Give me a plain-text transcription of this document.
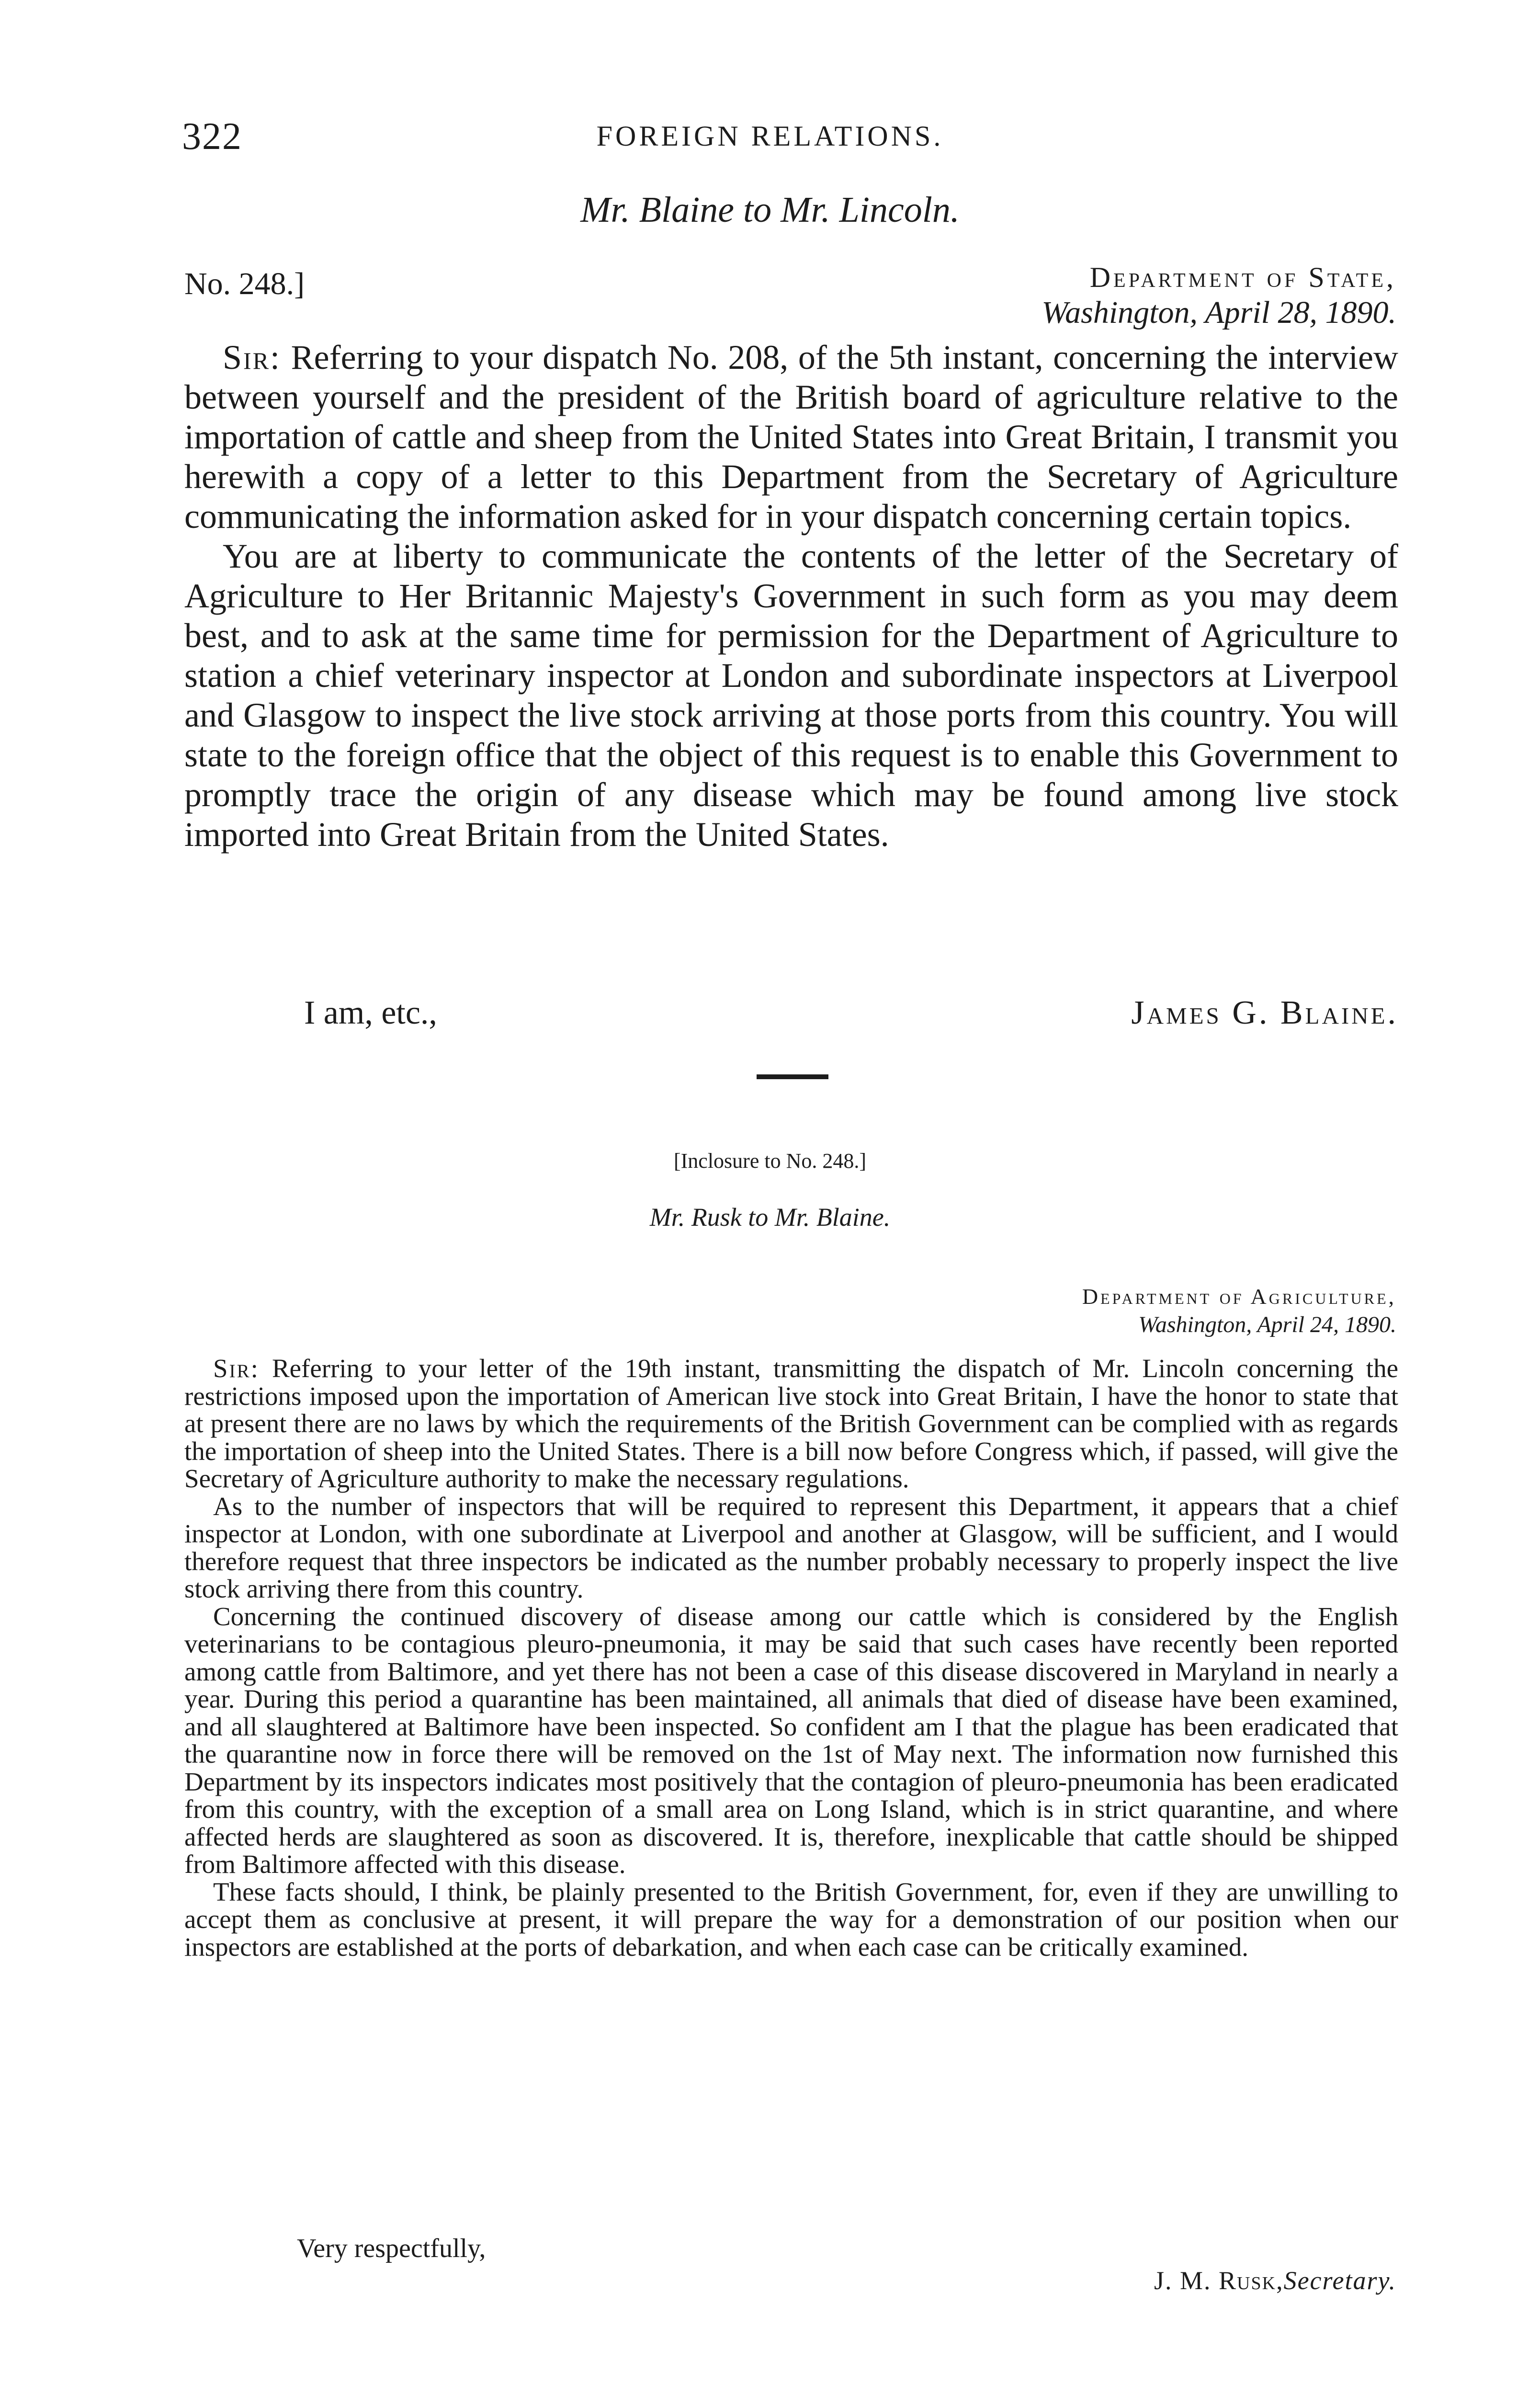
322	FOREIGN RELATIONS.
Mr. Blaine to Mr. Lincoln.
No. 248.]	Department of State,
Washington, April 28, 1890.

Sir: Referring to your dispatch No. 208, of the 5th instant, concerning the interview between yourself and the president of the British board of agriculture relative to the importation of cattle and sheep from the United States into Great Britain, I transmit you herewith a copy of a letter to this Department from the Secretary of Agriculture communicating the information asked for in your dispatch concerning certain topics.

You are at liberty to communicate the contents of the letter of the Secretary of Agriculture to Her Britannic Majesty's Government in such form as you may deem best, and to ask at the same time for permission for the Department of Agriculture to station a chief veterinary inspector at London and subordinate inspectors at Liverpool and Glasgow to inspect the live stock arriving at those ports from this country. You will state to the foreign office that the object of this request is to enable this Government to promptly trace the origin of any disease which may be found among live stock imported into Great Britain from the United States.

I am, etc.,	James G. Blaine.
[Inclosure to No. 248.]
Mr. Rusk to Mr. Blaine.
Department of Agriculture,
Washington, April 24, 1890.

Sir: Referring to your letter of the 19th instant, transmitting the dispatch of Mr. Lincoln concerning the restrictions imposed upon the importation of American live stock into Great Britain, I have the honor to state that at present there are no laws by which the requirements of the British Government can be complied with as regards the importation of sheep into the United States. There is a bill now before Congress which, if passed, will give the Secretary of Agriculture authority to make the necessary regulations.

As to the number of inspectors that will be required to represent this Department, it appears that a chief inspector at London, with one subordinate at Liverpool and another at Glasgow, will be sufficient, and I would therefore request that three inspectors be indicated as the number probably necessary to properly inspect the live stock arriving there from this country.

Concerning the continued discovery of disease among our cattle which is considered by the English veterinarians to be contagious pleuro-pneumonia, it may be said that such cases have recently been reported among cattle from Baltimore, and yet there has not been a case of this disease discovered in Maryland in nearly a year. During this period a quarantine has been maintained, all animals that died of disease have been examined, and all slaughtered at Baltimore have been inspected. So confident am I that the plague has been eradicated that the quarantine now in force there will be removed on the 1st of May next. The information now furnished this Department by its inspectors indicates most positively that the contagion of pleuro-pneumonia has been eradicated from this country, with the exception of a small area on Long Island, which is in strict quarantine, and where affected herds are slaughtered as soon as discovered. It is, therefore, inexplicable that cattle should be shipped from Baltimore affected with this disease.

These facts should, I think, be plainly presented to the British Government, for, even if they are unwilling to accept them as conclusive at present, it will prepare the way for a demonstration of our position when our inspectors are established at the ports of debarkation, and when each case can be critically examined.

Very respectfully,
J. M. Rusk,Secretary.
